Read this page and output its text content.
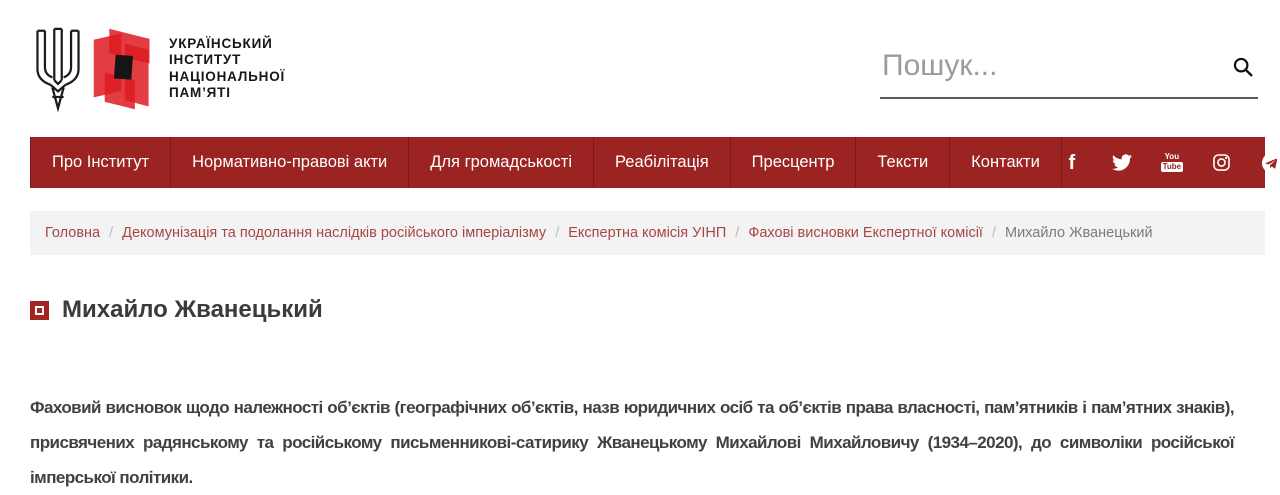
УКРАЇНСЬКИЙ
ІНСТИТУТ
НАЦІОНАЛЬНОЇ
ПАМ’ЯТІ
Пошук...
Про Інститут	Нормативно-правові акти	Для громадськості	Реабілітація	Пресцентр	Тексти	Контакти	f	You
Tube
Головна / Декомунізація та подолання наслідків російського імперіалізму / Експертна комісія УІНП / Фахові висновки Експертної комісії / Михайло Жванецький
Михайло Жванецький

Фаховий висновок щодо належності об’єктів (географічних об’єктів, назв юридичних осіб та об’єктів права власності, пам’ятників і пам’ятних знаків), присвячених радянському та російському письменникові-сатирику Жванецькому Михайлові Михайловичу (1934–2020), до символіки російської імперської політики.
